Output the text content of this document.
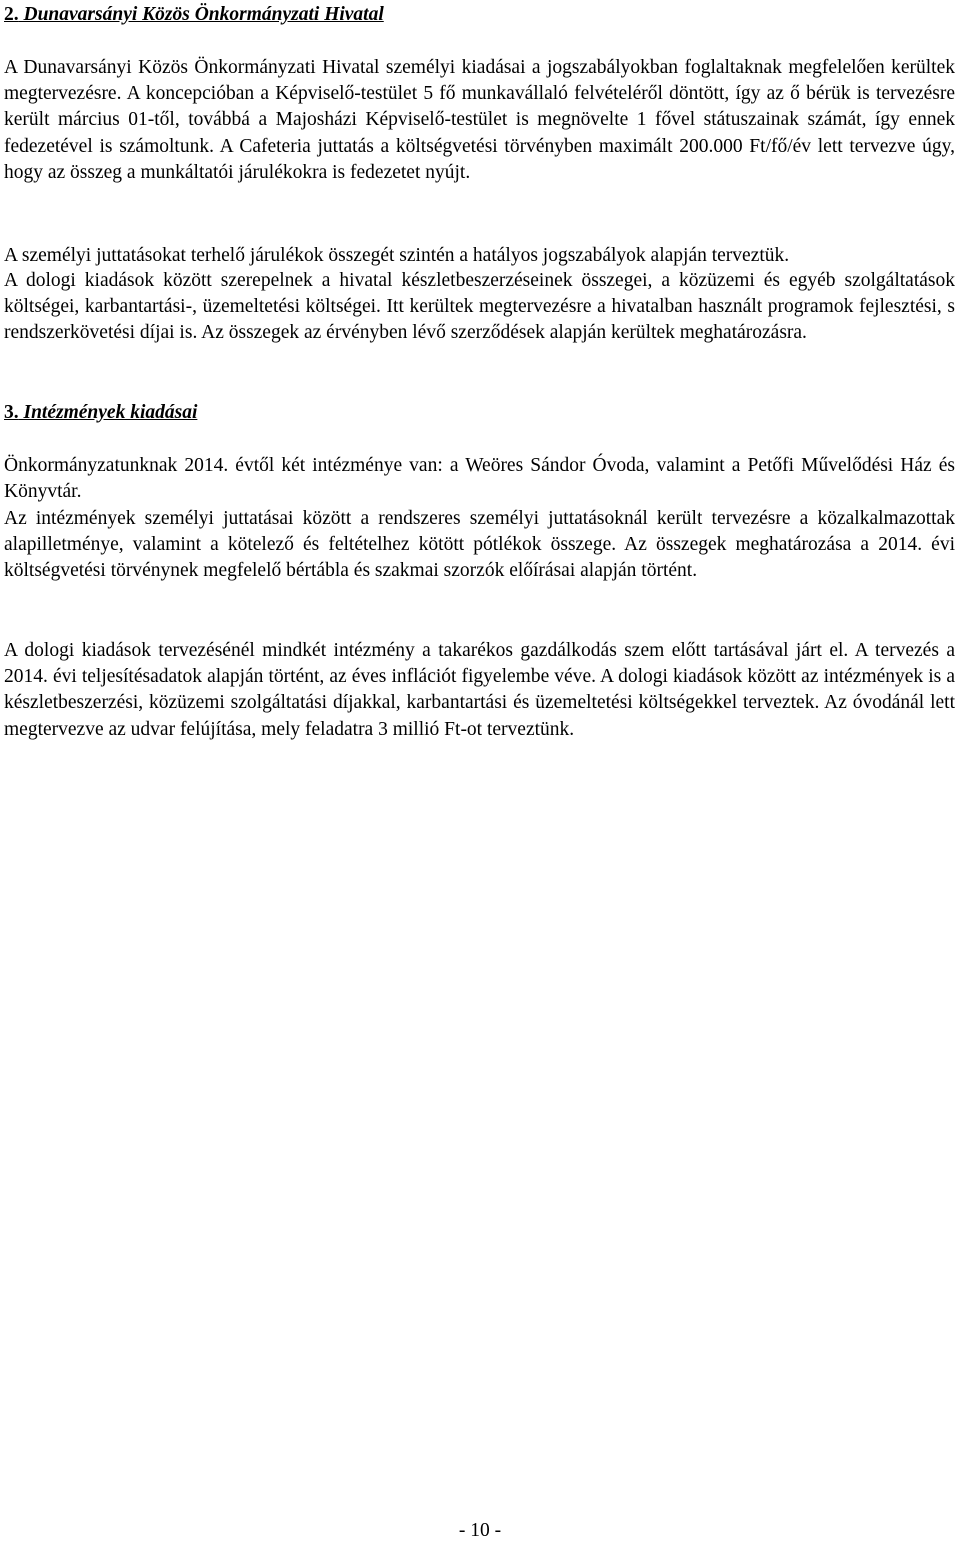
2. Dunavarsányi Közös Önkormányzati Hivatal

A Dunavarsányi Közös Önkormányzati Hivatal személyi kiadásai a jogszabályokban foglaltaknak megfelelően kerültek megtervezésre. A koncepcióban a Képviselő-testület 5 fő munkavállaló felvételéről döntött, így az ő bérük is tervezésre került március 01-től, továbbá a Majosházi Képviselő-testület is megnövelte 1 fővel státuszainak számát, így ennek fedezetével is számoltunk. A Cafeteria juttatás a költségvetési törvényben maximált 200.000 Ft/fő/év lett tervezve úgy, hogy az összeg a munkáltatói járulékokra is fedezetet nyújt.

A személyi juttatásokat terhelő járulékok összegét szintén a hatályos jogszabályok alapján terveztük.

A dologi kiadások között szerepelnek a hivatal készletbeszerzéseinek összegei, a közüzemi és egyéb szolgáltatások költségei, karbantartási-, üzemeltetési költségei. Itt kerültek megtervezésre a hivatalban használt programok fejlesztési, s rendszerkövetési díjai is. Az összegek az érvényben lévő szerződések alapján kerültek meghatározásra.

3. Intézmények kiadásai

Önkormányzatunknak 2014. évtől két intézménye van: a Weöres Sándor Óvoda, valamint a Petőfi Művelődési Ház és Könyvtár.

Az intézmények személyi juttatásai között a rendszeres személyi juttatásoknál került tervezésre a közalkalmazottak alapilletménye, valamint a kötelező és feltételhez kötött pótlékok összege. Az összegek meghatározása a 2014. évi költségvetési törvénynek megfelelő bértábla és szakmai szorzók előírásai alapján történt.

A dologi kiadások tervezésénél mindkét intézmény a takarékos gazdálkodás szem előtt tartásával járt el. A tervezés a 2014. évi teljesítésadatok alapján történt, az éves inflációt figyelembe véve. A dologi kiadások között az intézmények is a készletbeszerzési, közüzemi szolgáltatási díjakkal, karbantartási és üzemeltetési költségekkel terveztek. Az óvodánál lett megtervezve az udvar felújítása, mely feladatra 3 millió Ft-ot terveztünk.

- 10 -
